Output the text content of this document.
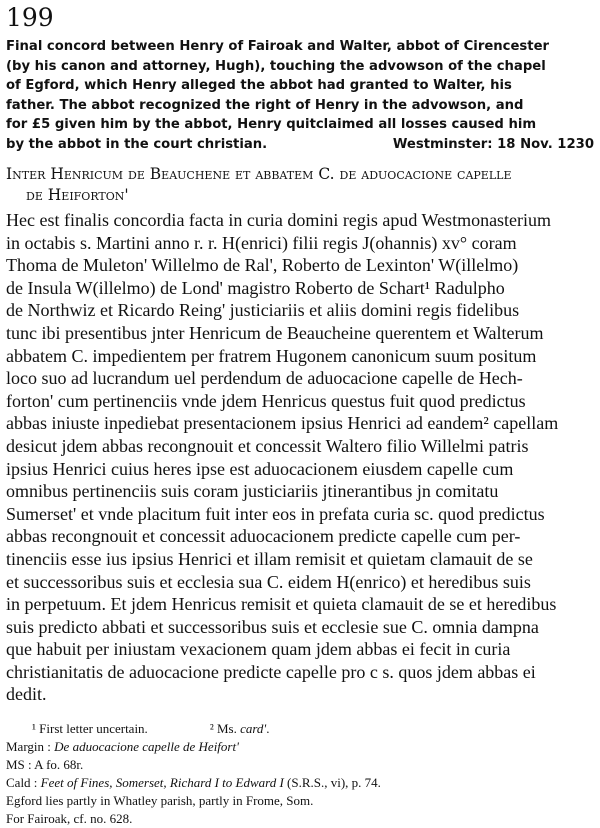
199
Final concord between Henry of Fairoak and Walter, abbot of Cirencester
(by his canon and attorney, Hugh), touching the advowson of the chapel
of Egford, which Henry alleged the abbot had granted to Walter, his
father. The abbot recognized the right of Henry in the advowson, and
for £5 given him by the abbot, Henry quitclaimed all losses caused him
by the abbot in the court christian.	Westminster: 18 Nov. 1230
Inter Henricum de Beauchene et abbatem C. de aduocacione capelle
de Heiforton'
Hec est finalis concordia facta in curia domini regis apud Westmonasterium
in octabis s. Martini anno r. r. H(enrici) filii regis J(ohannis) xv° coram
Thoma de Muleton' Willelmo de Ral', Roberto de Lexinton' W(illelmo)
de Insula W(illelmo) de Lond' magistro Roberto de Schart¹ Radulpho
de Northwiz et Ricardo Reing' justiciariis et aliis domini regis fidelibus
tunc ibi presentibus jnter Henricum de Beaucheine querentem et Walterum
abbatem C. impedientem per fratrem Hugonem canonicum suum positum
loco suo ad lucrandum uel perdendum de aduocacione capelle de Hech-
forton' cum pertinenciis vnde jdem Henricus questus fuit quod predictus
abbas iniuste inpediebat presentacionem ipsius Henrici ad eandem² capellam
desicut jdem abbas recongnouit et concessit Waltero filio Willelmi patris
ipsius Henrici cuius heres ipse est aduocacionem eiusdem capelle cum
omnibus pertinenciis suis coram justiciariis jtinerantibus jn comitatu
Sumerset' et vnde placitum fuit inter eos in prefata curia sc. quod predictus
abbas recongnouit et concessit aduocacionem predicte capelle cum per-
tinenciis esse ius ipsius Henrici et illam remisit et quietam clamauit de se
et successoribus suis et ecclesia sua C. eidem H(enrico) et heredibus suis
in perpetuum. Et jdem Henricus remisit et quieta clamauit de se et heredibus
suis predicto abbati et successoribus suis et ecclesie sue C. omnia dampna
que habuit per iniustam vexacionem quam jdem abbas ei fecit in curia
christianitatis de aduocacione predicte capelle pro c s. quos jdem abbas ei
dedit.
¹ First letter uncertain.	² Ms. card'.
Margin : De aduocacione capelle de Heifort'
MS : A fo. 68r.
Cald : Feet of Fines, Somerset, Richard I to Edward I (S.R.S., vi), p. 74.
Egford lies partly in Whatley parish, partly in Frome, Som.
For Fairoak, cf. no. 628.
